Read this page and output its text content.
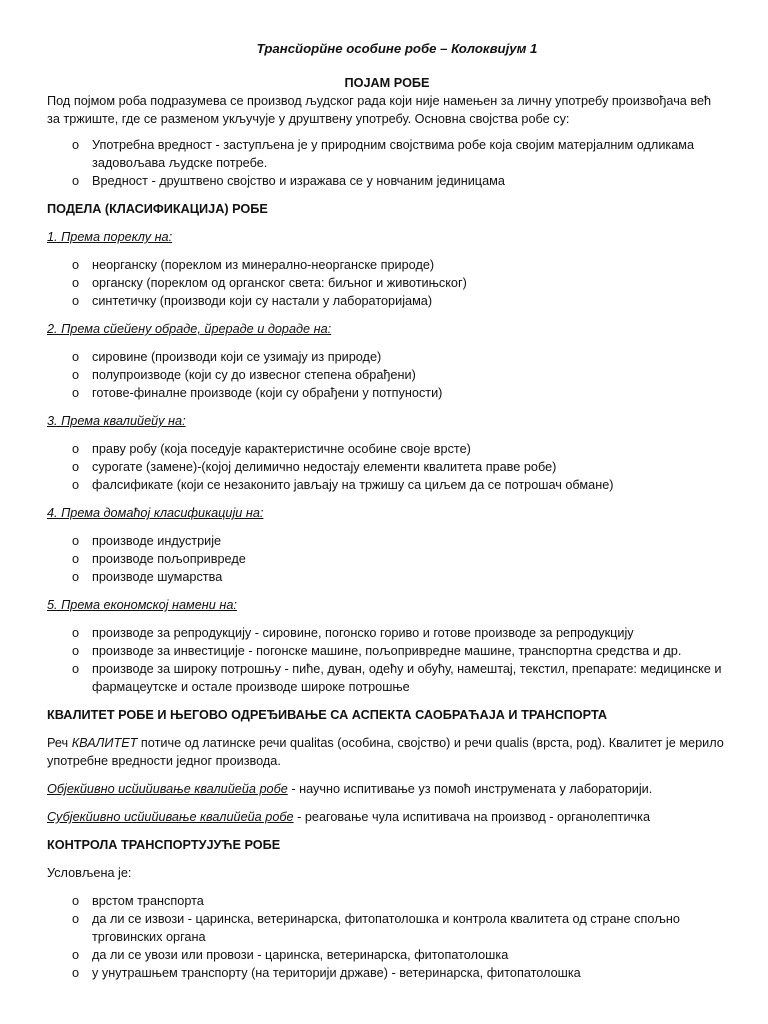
Трансйорйне особине робе – Колоквијум 1

ПОЈАМ РОБЕ

Под појмом роба подразумева се производ људског рада који није намењен за личну употребу произвођача већ за тржиште, где се разменом укључује у друштвену употребу. Основна својства робе су:

o Употребна вредност - заступљена је у природним својствима робе која својим матерјалним одликама задовољава људске потребе.
o Вредност - друштвено својство и изражава се у новчаним јединицама

ПОДЕЛА (КЛАСИФИКАЦИЈА) РОБЕ

1. Према пореклу на:

o неорганску (пореклом из минерално-неорганске природе)
o органску (пореклом од органског света: биљног и животињског)
o синтетичку (производи који су настали у лабораторијама)

2. Према сйейену обраде, йрераде и дораде на:

o сировине (производи који се узимају из природе)
o полупроизводе (који су до извесног степена обрађени)
o готове-финалне производе (који су обрађени у потпуности)

3. Према квалийейу на:

o праву робу (која поседује карактеристичне особине своје врсте)
o сурогате (замене)-(којој делимично недостају елементи квалитета праве робе)
o фалсификате (који се незаконито јављају на тржишу са циљем да се потрошач обмане)

4. Према домаћој класификацији на:

o производе индустрије
o производе пољопривреде
o производе шумарства

5. Према економској намени на:

o производе за репродукцију - сировине, погонско гориво и готове производе за репродукцију
o производе за инвестиције - погонске машине, пољопривредне машине, транспортна средства и др.
o производе за широку потрошњу - пиће, дуван, одећу и обућу, намештај, текстил, препарате: медицинске и фармацеутске и остале производе широке потрошње

КВАЛИТЕТ РОБЕ И ЊЕГОВО ОДРЕЂИВАЊЕ СА АСПЕКТА САОБРАЋАЈА И ТРАНСПОРТА

Реч КВАЛИТЕТ потиче од латинске речи qualitas (особина, својство) и речи qualis (врста, род). Квалитет је мерило употребне вредности једног производа.

Објекйивно исйийивање квалийейа робе - научно испитивање уз помоћ инструмената у лабораторији.

Субјекйивно исйийивање квалийейа робе - реаговање чула испитивача на производ - органолептичка

КОНТРОЛА ТРАНСПОРТУЈУЋЕ РОБЕ

Условљена је:

o врстом транспорта
o да ли се извози - царинска, ветеринарска, фитопатолошка и контрола квалитета од стране спољно трговинских органа
o да ли се увози или провози - царинска, ветеринарска, фитопатолошка
o у унутрашњем транспорту (на територији државе) - ветеринарска, фитопатолошка
